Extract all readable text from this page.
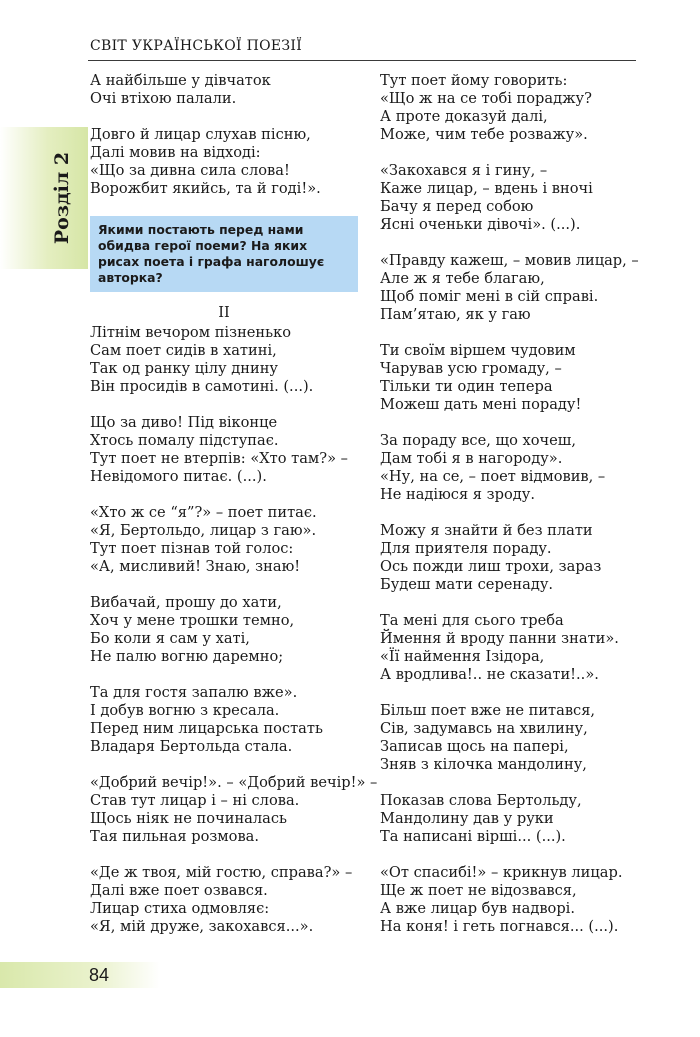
СВІТ УКРАЇНСЬКОЇ ПОЕЗІЇ
Розділ 2
А найбільше у дівчаток
Очі втіхою палали.
Довго й лицар слухав пісню,
Далі мовив на відході:
«Що за дивна сила слова!
Ворожбит якийсь, та й годі!».
Якими постають перед нами
обидва герої поеми? На яких
рисах поета і графа наголошує
авторка?
ІІ
Літнім вечором пізненько
Сам поет сидів в хатині,
Так од ранку цілу днину
Він просидів в самотині. (...).
Що за диво! Під віконце
Хтось помалу підступає.
Тут поет не втерпів: «Хто там?» –
Невідомого питає. (...).
«Хто ж се “я”?» – поет питає.
«Я, Бертольдо, лицар з гаю».
Тут поет пізнав той голос:
«А, мисливий! Знаю, знаю!
Вибачай, прошу до хати,
Хоч у мене трошки темно,
Бо коли я сам у хаті,
Не палю вогню даремно;
Та для гостя запалю вже».
І добув вогню з кресала.
Перед ним лицарська постать
Владаря Бертольда стала.
«Добрий вечір!». – «Добрий вечір!» –
Став тут лицар і – ні слова.
Щось ніяк не починалась
Тая пильная розмова.
«Де ж твоя, мій гостю, справа?» –
Далі вже поет озвався.
Лицар стиха одмовляє:
«Я, мій друже, закохався...».
Тут поет йому говорить:
«Що ж на се тобі пораджу?
А проте доказуй далі,
Може, чим тебе розважу».
«Закохався я і гину, –
Каже лицар, – вдень і вночі
Бачу я перед собою
Ясні оченьки дівочі». (...).
«Правду кажеш, – мовив лицар, –
Але ж я тебе благаю,
Щоб поміг мені в сій справі.
Пам’ятаю, як у гаю
Ти своїм віршем чудовим
Чарував усю громаду, –
Тільки ти один тепера
Можеш дать мені пораду!
За пораду все, що хочеш,
Дам тобі я в нагороду».
«Ну, на се, – поет відмовив, –
Не надіюся я зроду.
Можу я знайти й без плати
Для приятеля пораду.
Ось пожди лиш трохи, зараз
Будеш мати серенаду.
Та мені для сього треба
Ймення й вроду панни знати».
«Її наймення Ізідора,
А вродлива!.. не сказати!..».
Більш поет вже не питався,
Сів, задумавсь на хвилину,
Записав щось на папері,
Зняв з кілочка мандолину,
Показав слова Бертольду,
Мандолину дав у руки
Та написані вірші... (...).
«От спасибі!» – крикнув лицар.
Ще ж поет не відозвався,
А вже лицар був надворі.
На коня! і геть погнався... (...).
84
